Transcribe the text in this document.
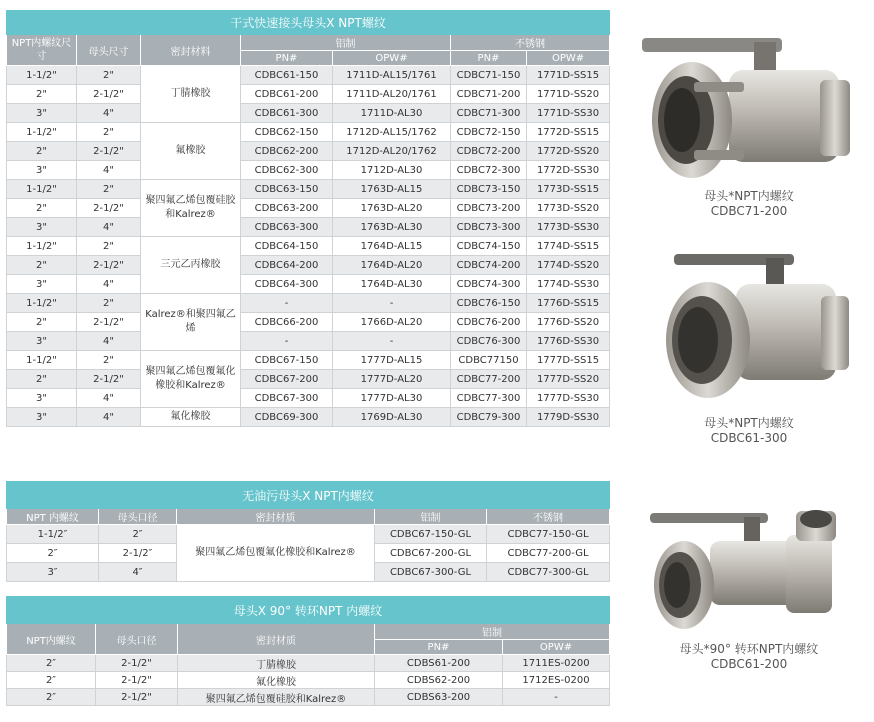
干式快速接头母头X NPT螺纹						
NPT内螺纹尺寸	母头尺寸	密封材料	铝制		不锈钢	
			PN#	OPW#	PN#	OPW#
1-1/2"	2"	丁腈橡胶	CDBC61-150	1711D-AL15/1761	CDBC71-150	1771D-SS15
2"	2-1/2"		CDBC61-200	1711D-AL20/1761	CDBC71-200	1771D-SS20
3"	4"		CDBC61-300	1711D-AL30	CDBC71-300	1771D-SS30
1-1/2"	2"	氟橡胶	CDBC62-150	1712D-AL15/1762	CDBC72-150	1772D-SS15
2"	2-1/2"		CDBC62-200	1712D-AL20/1762	CDBC72-200	1772D-SS20
3"	4"		CDBC62-300	1712D-AL30	CDBC72-300	1772D-SS30
1-1/2"	2"	聚四氟乙烯包覆硅胶和Kalrez®	CDBC63-150	1763D-AL15	CDBC73-150	1773D-SS15
2"	2-1/2"		CDBC63-200	1763D-AL20	CDBC73-200	1773D-SS20
3"	4"		CDBC63-300	1763D-AL30	CDBC73-300	1773D-SS30
1-1/2"	2"	三元乙丙橡胶	CDBC64-150	1764D-AL15	CDBC74-150	1774D-SS15
2"	2-1/2"		CDBC64-200	1764D-AL20	CDBC74-200	1774D-SS20
3"	4"		CDBC64-300	1764D-AL30	CDBC74-300	1774D-SS30
1-1/2"	2"	Kalrez®和聚四氟乙烯	-	-	CDBC76-150	1776D-SS15
2"	2-1/2"		CDBC66-200	1766D-AL20	CDBC76-200	1776D-SS20
3"	4"		-	-	CDBC76-300	1776D-SS30
1-1/2"	2"	聚四氟乙烯包覆氟化橡胶和Kalrez®	CDBC67-150	1777D-AL15	CDBC77150	1777D-SS15
2"	2-1/2"		CDBC67-200	1777D-AL20	CDBC77-200	1777D-SS20
3"	4"		CDBC67-300	1777D-AL30	CDBC77-300	1777D-SS30
3"	4"	氟化橡胶	CDBC69-300	1769D-AL30	CDBC79-300	1779D-SS30
无油污母头X NPT内螺纹				
NPT 内螺纹	母头口径	密封材质	铝制	不锈钢
1-1/2″	2″	聚四氟乙烯包覆氟化橡胶和Kalrez®	CDBC67-150-GL	CDBC77-150-GL
2″	2-1/2″		CDBC67-200-GL	CDBC77-200-GL
3″	4″		CDBC67-300-GL	CDBC77-300-GL
母头X 90° 转环NPT 内螺纹				
NPT内螺纹	母头口径	密封材质	铝制	
			PN#	OPW#
2″	2-1/2"	丁腈橡胶	CDBS61-200	1711ES-0200
2″	2-1/2"	氟化橡胶	CDBS62-200	1712ES-0200
2″	2-1/2"	聚四氟乙烯包覆硅胶和Kalrez®	CDBS63-200	-
母头*NPT内螺纹
CDBC71-200
母头*NPT内螺纹
CDBC61-300
母头*90° 转环NPT内螺纹
CDBC61-200
